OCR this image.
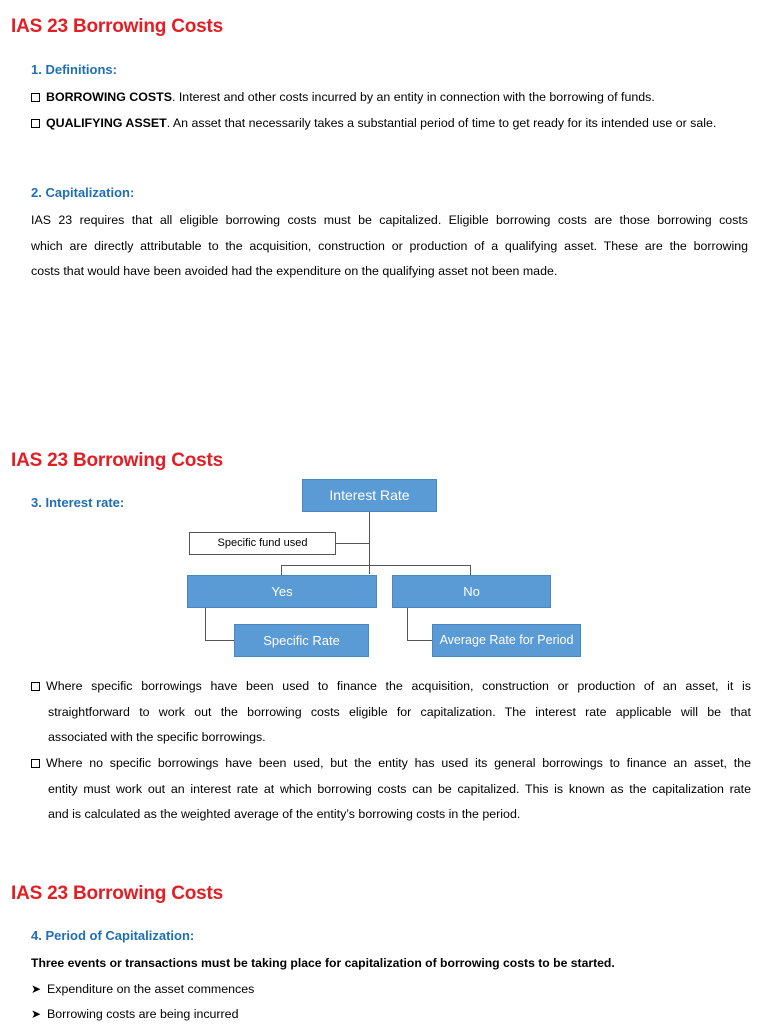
IAS 23 Borrowing Costs
1. Definitions:
BORROWING COSTS. Interest and other costs incurred by an entity in connection with the borrowing of funds.
QUALIFYING ASSET. An asset that necessarily takes a substantial period of time to get ready for its intended use or sale.
2. Capitalization:
IAS 23 requires that all eligible borrowing costs must be capitalized. Eligible borrowing costs are those borrowing costs
which are directly attributable to the acquisition, construction or production of a qualifying asset. These are the borrowing
costs that would have been avoided had the expenditure on the qualifying asset not been made.
IAS 23 Borrowing Costs
3. Interest rate:	Interest Rate
Specific fund used
Yes	No
Specific Rate	Average Rate for Period
Where specific borrowings have been used to finance the acquisition, construction or production of an asset, it is
straightforward to work out the borrowing costs eligible for capitalization. The interest rate applicable will be that
associated with the specific borrowings.
Where no specific borrowings have been used, but the entity has used its general borrowings to finance an asset, the
entity must work out an interest rate at which borrowing costs can be capitalized. This is known as the capitalization rate
and is calculated as the weighted average of the entity’s borrowing costs in the period.
IAS 23 Borrowing Costs
4. Period of Capitalization:
Three events or transactions must be taking place for capitalization of borrowing costs to be started.
➤ Expenditure on the asset commences
➤ Borrowing costs are being incurred
